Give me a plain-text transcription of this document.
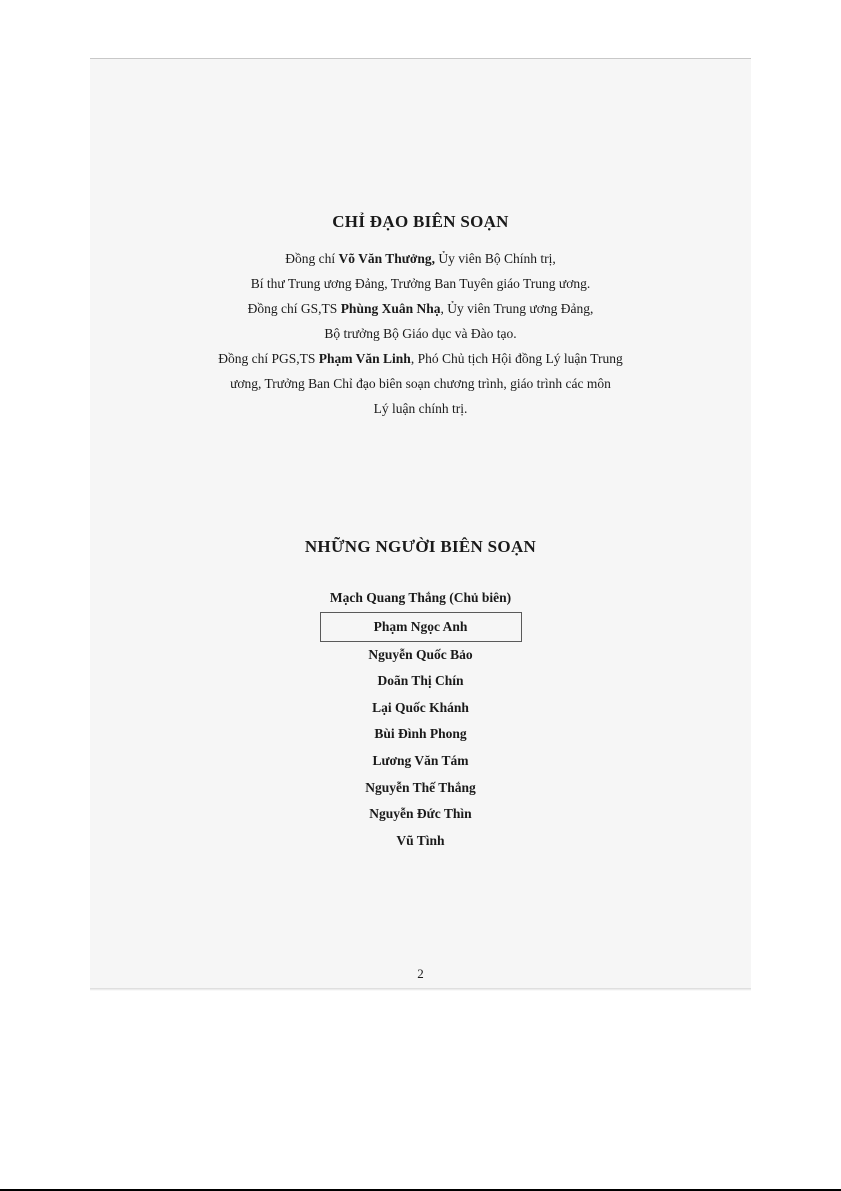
CHỈ ĐẠO BIÊN SOẠN
Đồng chí Võ Văn Thưởng, Ủy viên Bộ Chính trị,
Bí thư Trung ương Đảng, Trưởng Ban Tuyên giáo Trung ương.
Đồng chí GS,TS Phùng Xuân Nhạ, Ủy viên Trung ương Đảng,
Bộ trưởng Bộ Giáo dục và Đào tạo.
Đồng chí PGS,TS Phạm Văn Linh, Phó Chủ tịch Hội đồng Lý luận Trung
ương, Trưởng Ban Chỉ đạo biên soạn chương trình, giáo trình các môn
Lý luận chính trị.
NHỮNG NGƯỜI BIÊN SOẠN
Mạch Quang Thắng (Chủ biên)
Phạm Ngọc Anh
Nguyễn Quốc Bảo
Doãn Thị Chín
Lại Quốc Khánh
Bùi Đình Phong
Lương Văn Tám
Nguyễn Thế Thắng
Nguyễn Đức Thìn
Vũ Tình
2
